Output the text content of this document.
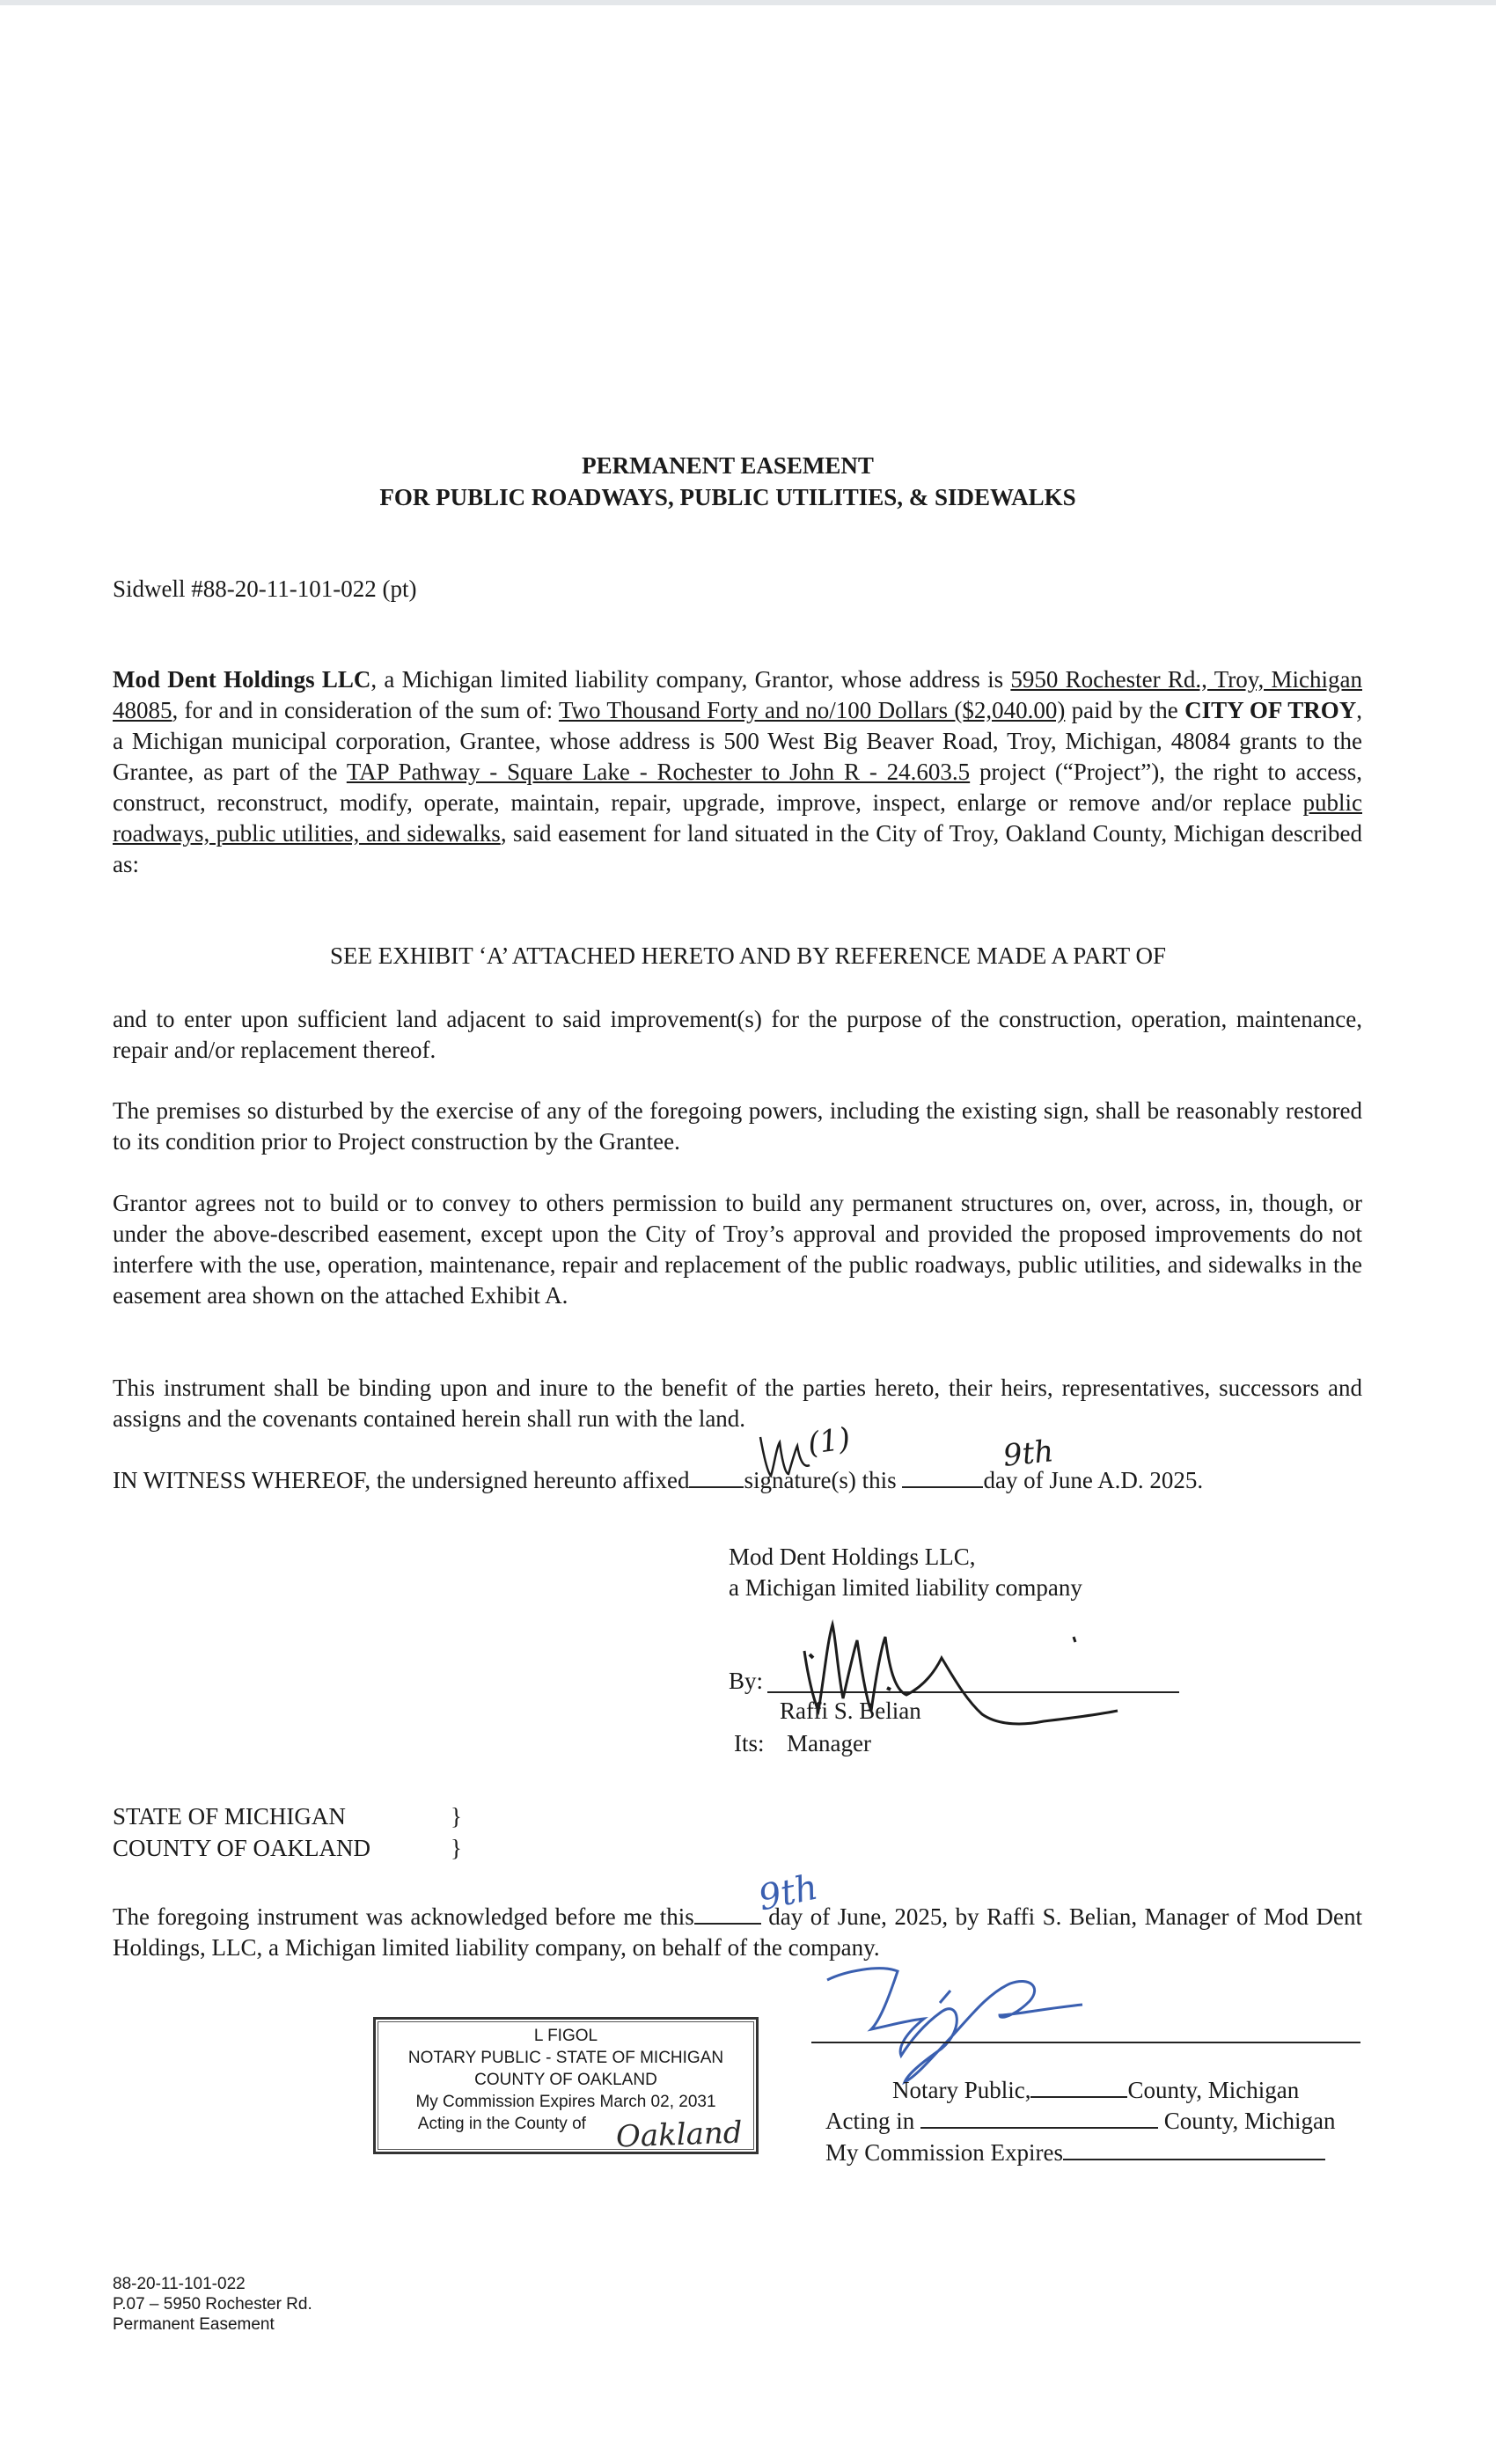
PERMANENT EASEMENT
FOR PUBLIC ROADWAYS, PUBLIC UTILITIES, & SIDEWALKS
Sidwell #88-20-11-101-022 (pt)
Mod Dent Holdings LLC, a Michigan limited liability company, Grantor, whose address is 5950 Rochester Rd., Troy, Michigan 48085, for and in consideration of the sum of: Two Thousand Forty and no/100 Dollars ($2,040.00) paid by the CITY OF TROY, a Michigan municipal corporation, Grantee, whose address is 500 West Big Beaver Road, Troy, Michigan, 48084 grants to the Grantee, as part of the TAP Pathway - Square Lake - Rochester to John R - 24.603.5 project (“Project”), the right to access, construct, reconstruct, modify, operate, maintain, repair, upgrade, improve, inspect, enlarge or remove and/or replace public roadways, public utilities, and sidewalks, said easement for land situated in the City of Troy, Oakland County, Michigan described as:
SEE EXHIBIT ‘A’ ATTACHED HERETO AND BY REFERENCE MADE A PART OF
and to enter upon sufficient land adjacent to said improvement(s) for the purpose of the construction, operation, maintenance, repair and/or replacement thereof.
The premises so disturbed by the exercise of any of the foregoing powers, including the existing sign, shall be reasonably restored to its condition prior to Project construction by the Grantee.
Grantor agrees not to build or to convey to others permission to build any permanent structures on, over, across, in, though, or under the above-described easement, except upon the City of Troy’s approval and provided the proposed improvements do not interfere with the use, operation, maintenance, repair and replacement of the public roadways, public utilities, and sidewalks in the easement area shown on the attached Exhibit A.
This instrument shall be binding upon and inure to the benefit of the parties hereto, their heirs, representatives, successors and assigns and the covenants contained herein shall run with the land.
IN WITNESS WHEREOF, the undersigned hereunto affixed signature(s) this	day of June A.D. 2025.
(1)	9th
Mod Dent Holdings LLC,
a Michigan limited liability company
By:
Raffi S. Belian
Its: Manager
STATE OF MICHIGAN	}
COUNTY OF OAKLAND	}
The foregoing instrument was acknowledged before me this	day of June, 2025, by Raffi S. Belian, Manager of Mod Dent Holdings, LLC, a Michigan limited liability company, on behalf of the company.
9th
L FIGOL
NOTARY PUBLIC - STATE OF MICHIGAN
COUNTY OF OAKLAND
My Commission Expires March 02, 2031
Acting in the County of Oakland
Notary Public,	County, Michigan
Acting in	County, Michigan
My Commission Expires
88-20-11-101-022
P.07 – 5950 Rochester Rd.
Permanent Easement
